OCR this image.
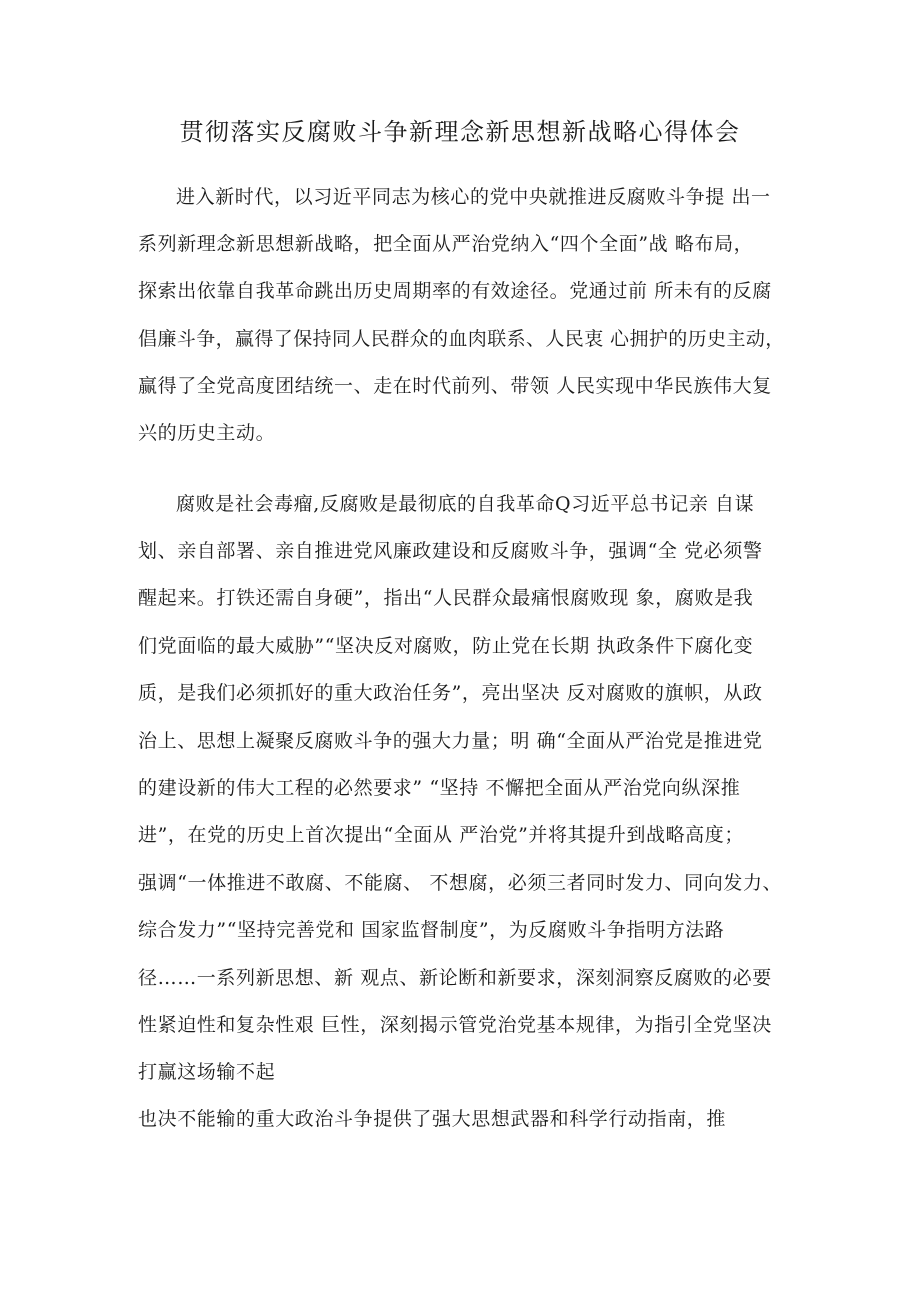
贯彻落实反腐败斗争新理念新思想新战略心得体会
进入新时代，以习近平同志为核心的党中央就推进反腐败斗争提 出一
系列新理念新思想新战略，把全面从严治党纳入“四个全面”战 略布局，
探索出依靠自我革命跳出历史周期率的有效途径。党通过前 所未有的反腐
倡廉斗争，赢得了保持同人民群众的血肉联系、人民衷 心拥护的历史主动，
赢得了全党高度团结统一、走在时代前列、带领 人民实现中华民族伟大复
兴的历史主动。
腐败是社会毒瘤,反腐败是最彻底的自我革命Q习近平总书记亲 自谋
划、亲自部署、亲自推进党风廉政建设和反腐败斗争，强调“全 党必须警
醒起来。打铁还需自身硬”，指出“人民群众最痛恨腐败现 象，腐败是我
们党面临的最大威胁”“坚决反对腐败，防止党在长期 执政条件下腐化变
质，是我们必须抓好的重大政治任务”，亮出坚决 反对腐败的旗帜，从政
治上、思想上凝聚反腐败斗争的强大力量；明 确“全面从严治党是推进党
的建设新的伟大工程的必然要求” “坚持 不懈把全面从严治党向纵深推
进”，在党的历史上首次提出“全面从 严治党”并将其提升到战略高度；
强调“一体推进不敢腐、不能腐、 不想腐，必须三者同时发力、同向发力、
综合发力”“坚持完善党和 国家监督制度”，为反腐败斗争指明方法路
径……一系列新思想、新 观点、新论断和新要求，深刻洞察反腐败的必要
性紧迫性和复杂性艰 巨性，深刻揭示管党治党基本规律，为指引全党坚决
打赢这场输不起
也决不能输的重大政治斗争提供了强大思想武器和科学行动指南，推
